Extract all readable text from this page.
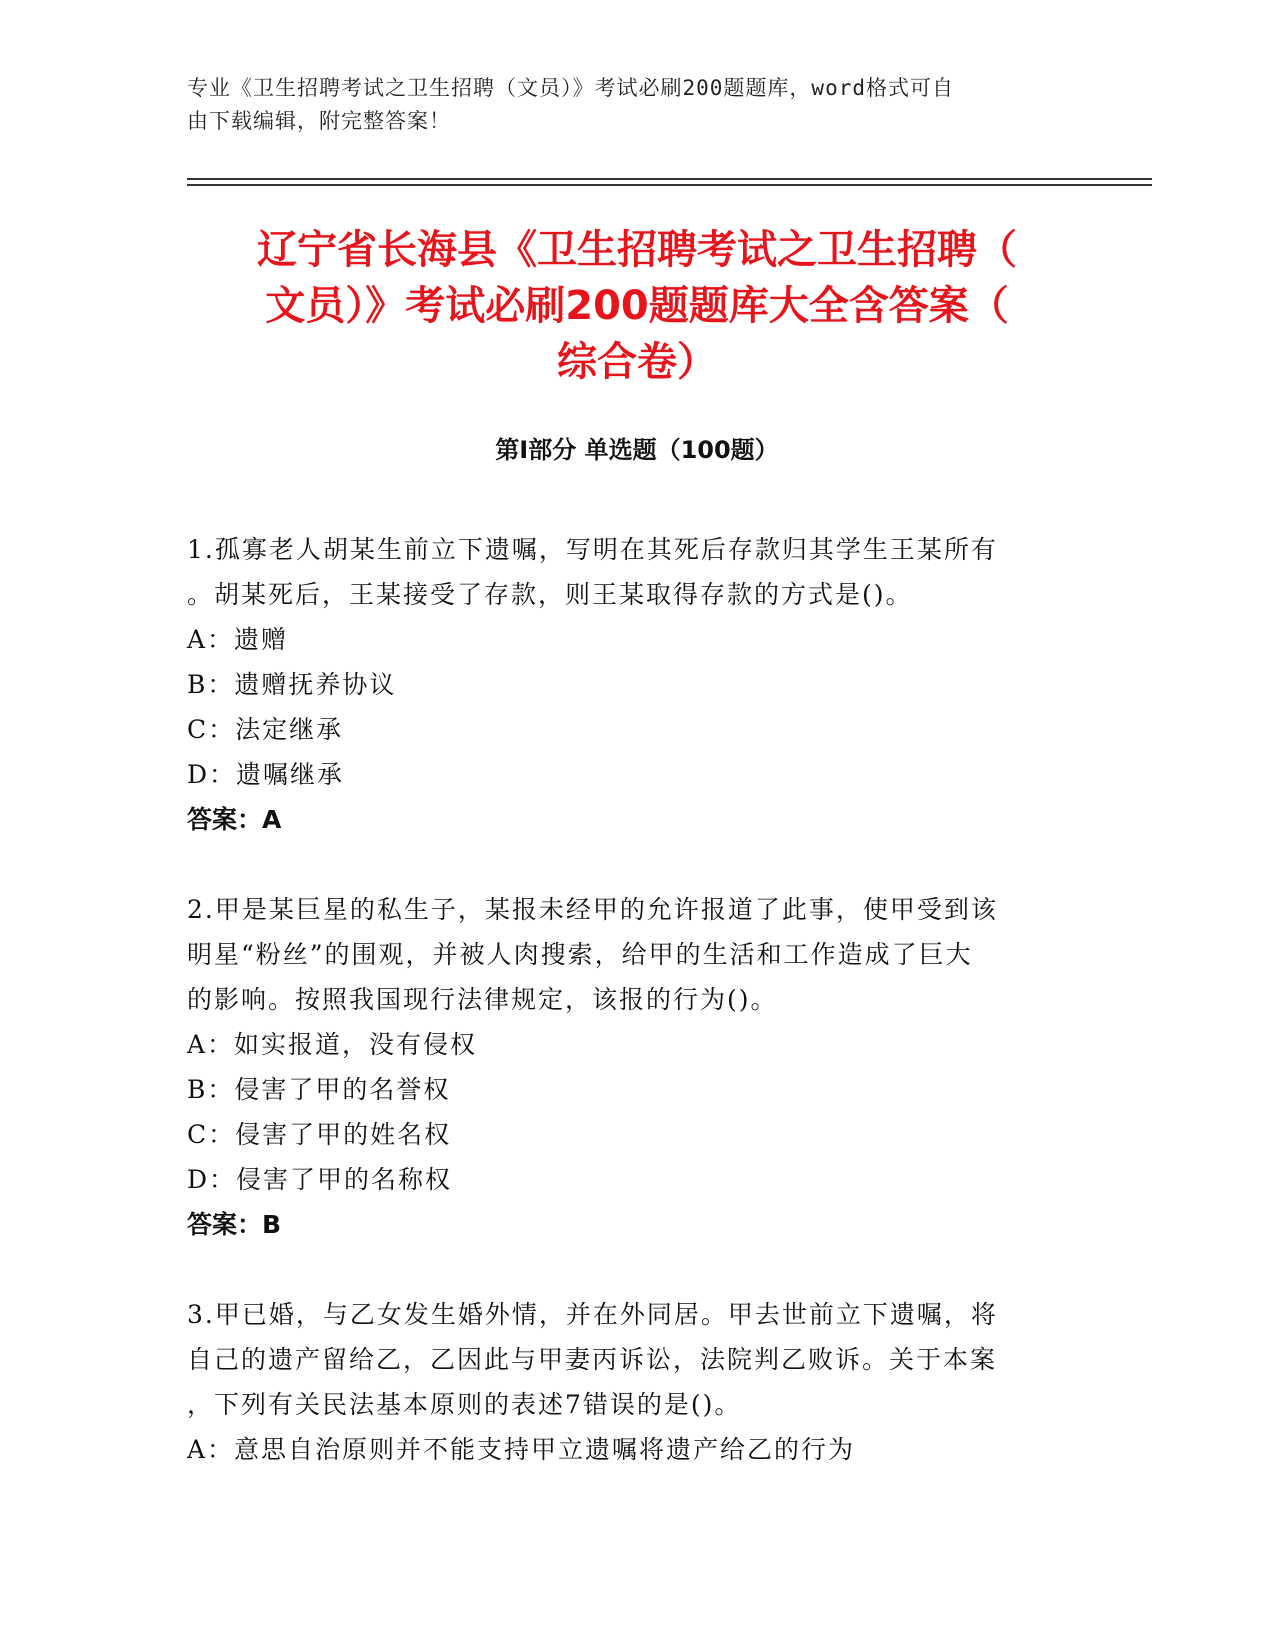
专业《卫生招聘考试之卫生招聘（文员）》考试必刷200题题库，word格式可自
由下载编辑，附完整答案！
辽宁省长海县《卫生招聘考试之卫生招聘（
文员）》考试必刷200题题库大全含答案（
综合卷）
第Ⅰ部分 单选题（100题）
1.孤寡老人胡某生前立下遗嘱，写明在其死后存款归其学生王某所有
。胡某死后，王某接受了存款，则王某取得存款的方式是()。
A：遗赠
B：遗赠抚养协议
C：法定继承
D：遗嘱继承
答案：A
2.甲是某巨星的私生子，某报未经甲的允许报道了此事，使甲受到该
明星“粉丝”的围观，并被人肉搜索，给甲的生活和工作造成了巨大
的影响。按照我国现行法律规定，该报的行为()。
A：如实报道，没有侵权
B：侵害了甲的名誉权
C：侵害了甲的姓名权
D：侵害了甲的名称权
答案：B
3.甲已婚，与乙女发生婚外情，并在外同居。甲去世前立下遗嘱，将
自己的遗产留给乙，乙因此与甲妻丙诉讼，法院判乙败诉。关于本案
，下列有关民法基本原则的表述7错误的是()。
A：意思自治原则并不能支持甲立遗嘱将遗产给乙的行为
